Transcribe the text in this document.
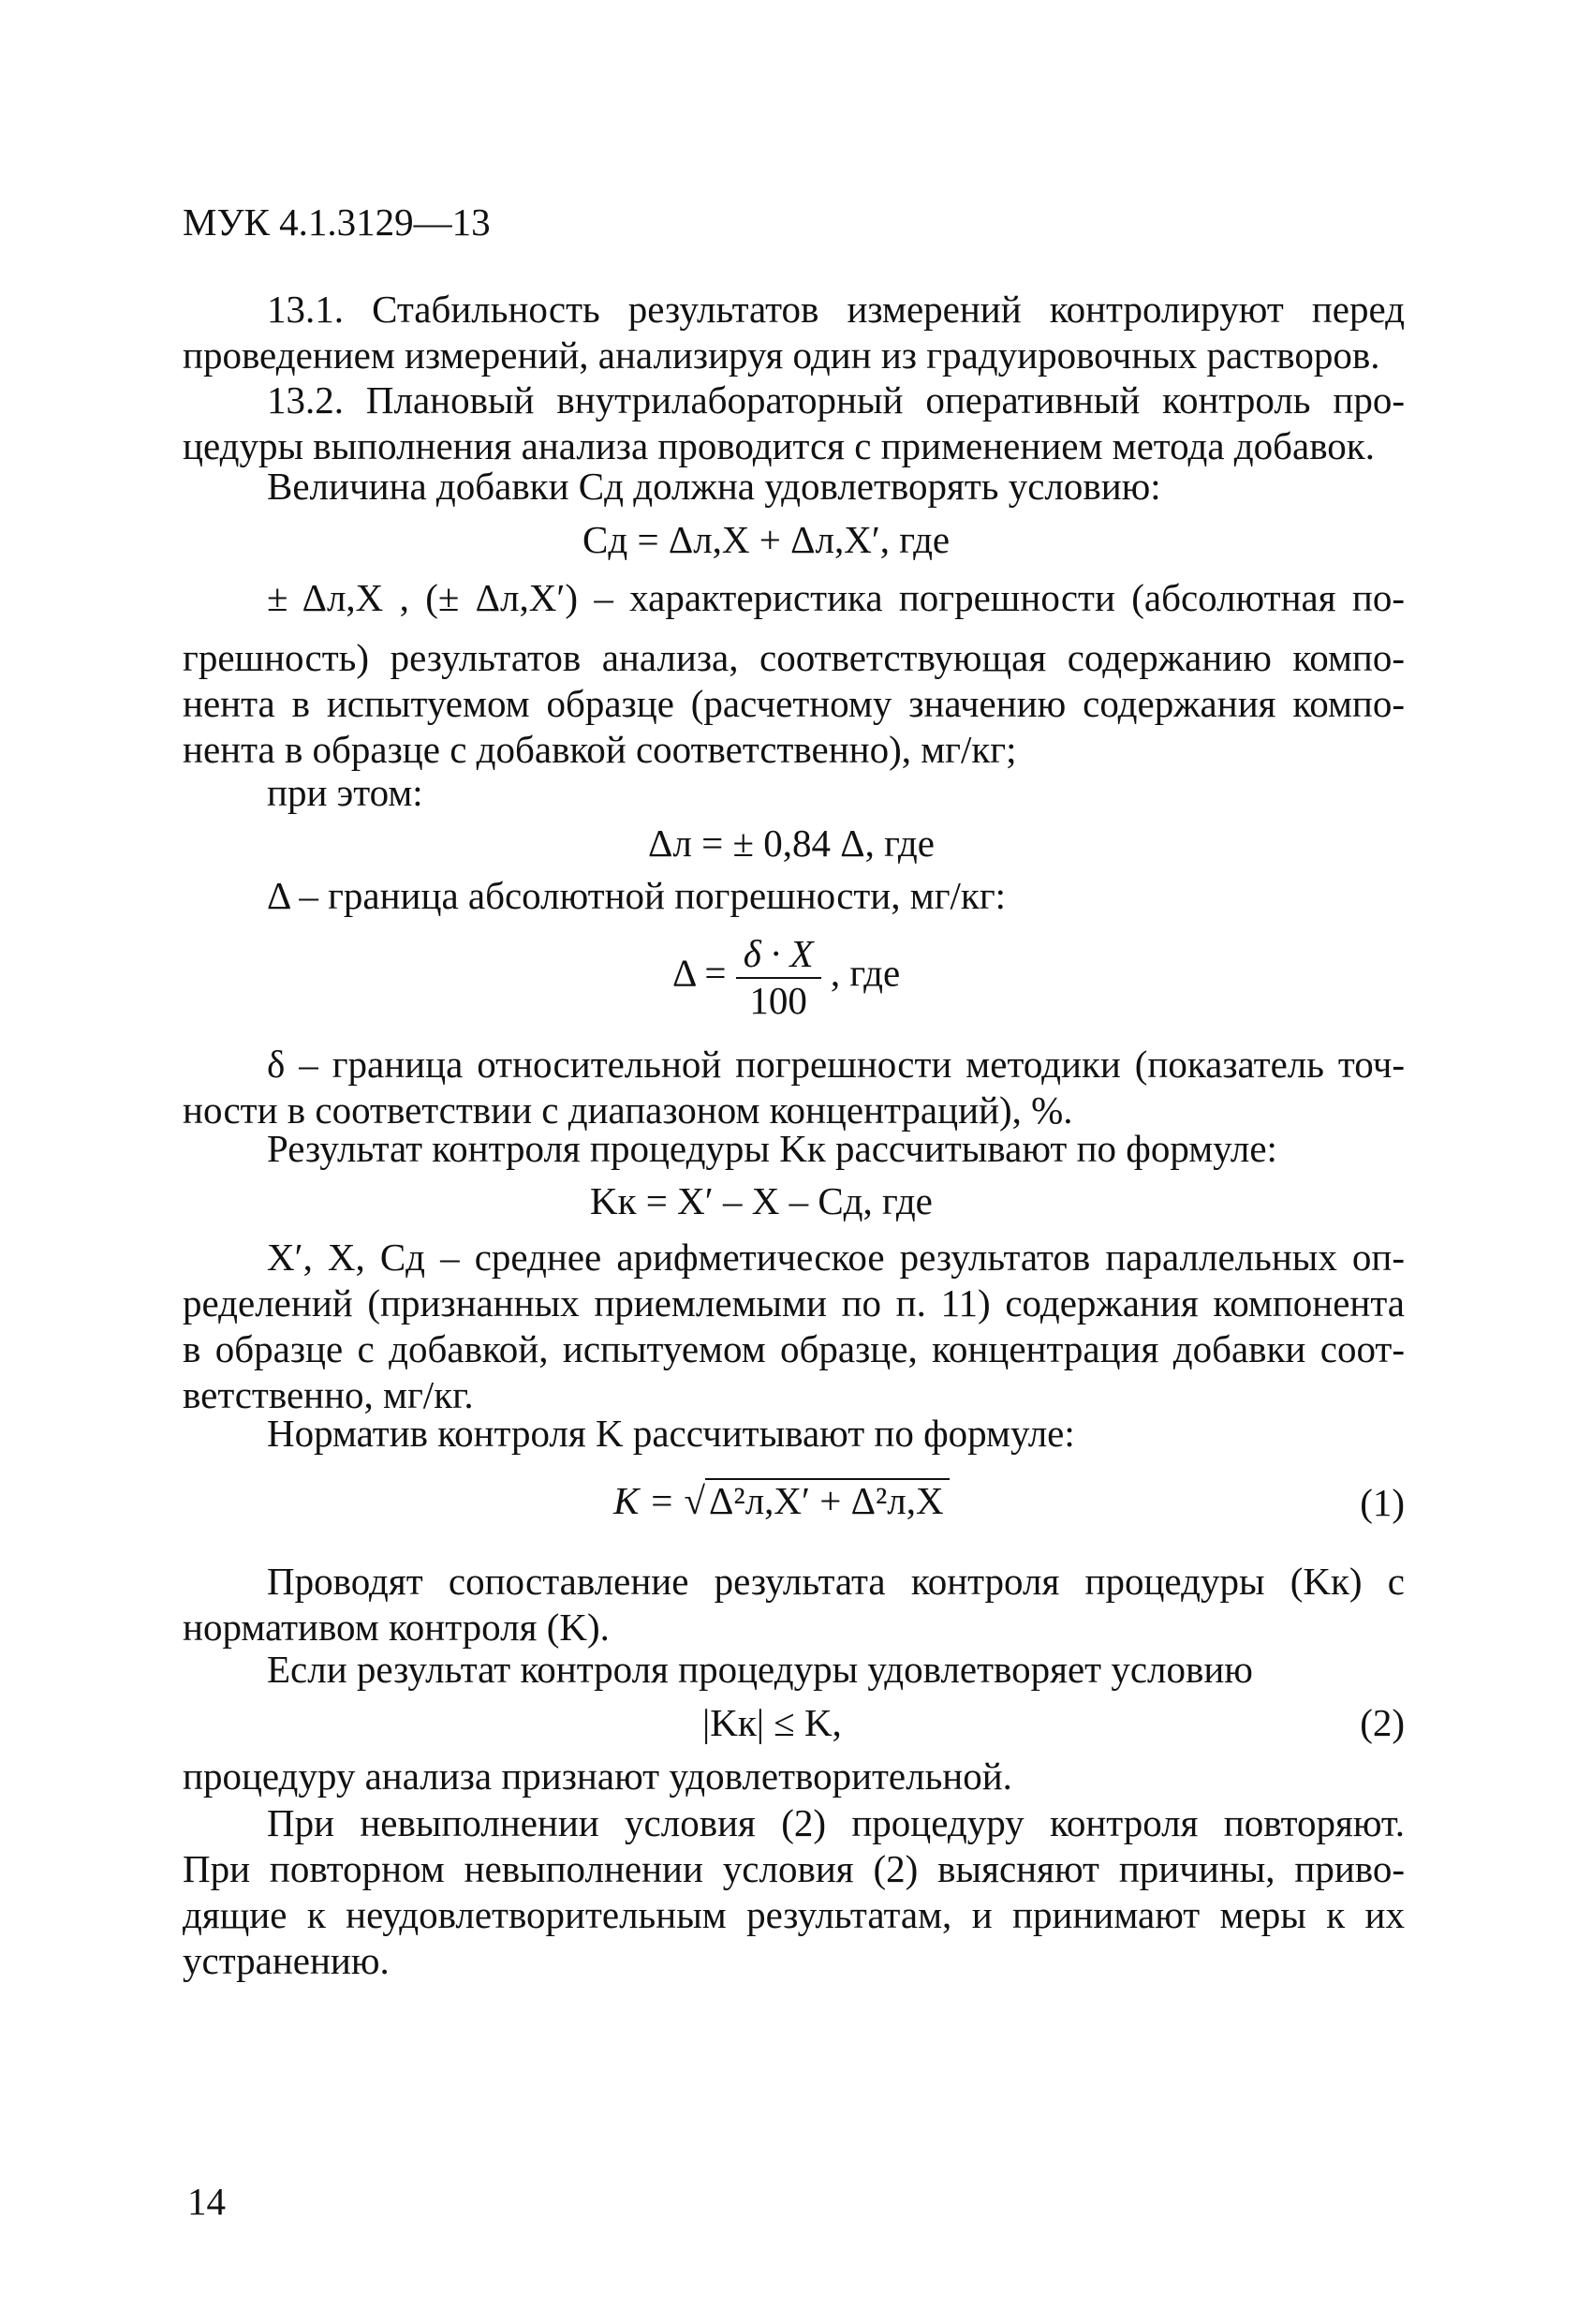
МУК 4.1.3129—13

13.1. Стабильность результатов измерений контролируют перед

проведением измерений, анализируя один из градуировочных растворов.

13.2. Плановый внутрилабораторный оперативный контроль про-

цедуры выполнения анализа проводится с применением метода добавок.

Величина добавки Cд должна удовлетворять условию:

Cд = Δл,X + Δл,X′, где

± Δл,X , (± Δл,X′) – характеристика погрешности (абсолютная по-

грешность) результатов анализа, соответствующая содержанию компо-

нента в испытуемом образце (расчетному значению содержания компо-

нента в образце с добавкой соответственно), мг/кг;

при этом:

Δл = ± 0,84 Δ, где

Δ – граница абсолютной погрешности, мг/кг:

$\Delta = \frac{\delta \cdot X}{100}$ , где

δ – граница относительной погрешности методики (показатель точ-

ности в соответствии с диапазоном концентраций), %.

Результат контроля процедуры Kк рассчитывают по формуле:

Kк = X′ – X – Cд, где

X′, X, Cд – среднее арифметическое результатов параллельных оп-

ределений (признанных приемлемыми по п. 11) содержания компонента

в образце с добавкой, испытуемом образце, концентрация добавки соот-

ветственно, мг/кг.

Норматив контроля K рассчитывают по формуле:

K = √Δ²л,X′ + Δ²л,X	(1)

Проводят сопоставление результата контроля процедуры (Kк) с

нормативом контроля (K).

Если результат контроля процедуры удовлетворяет условию

|Kк| ≤ K,	(2)

процедуру анализа признают удовлетворительной.

При невыполнении условия (2) процедуру контроля повторяют.

При повторном невыполнении условия (2) выясняют причины, приво-

дящие к неудовлетворительным результатам, и принимают меры к их

устранению.

14
